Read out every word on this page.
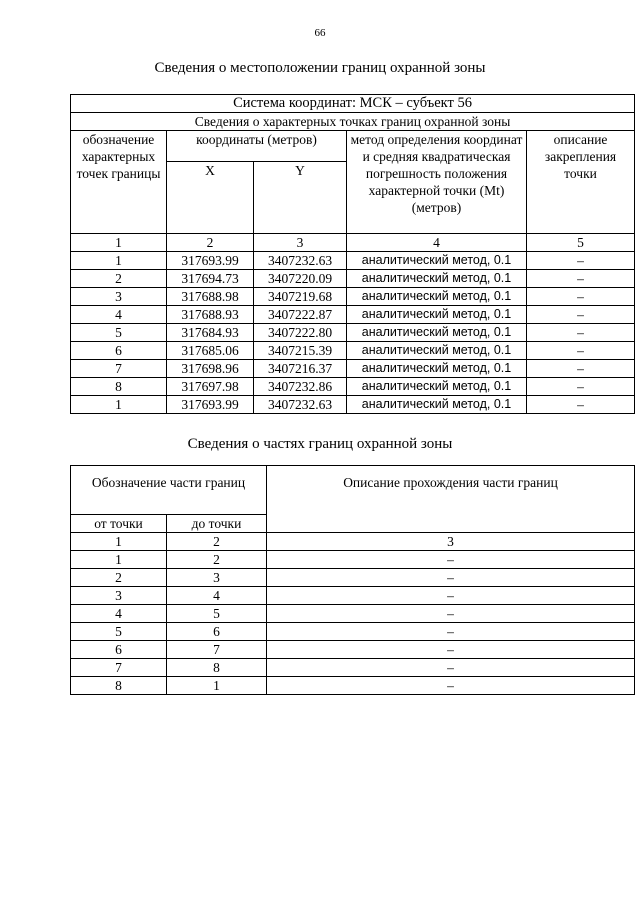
66
Сведения о местоположении границ охранной зоны
Система координат: МСК – субъект 56				
Сведения о характерных точках границ охранной зоны				
обозначение характерных точек границы	координаты (метров)		метод определения координат и средняя квадратическая погрешность положения характерной точки (Mt) (метров)	описание закрепления точки
	X	Y		
1	2	3	4	5
1	317693.99	3407232.63	аналитический метод, 0.1	–
2	317694.73	3407220.09	аналитический метод, 0.1	–
3	317688.98	3407219.68	аналитический метод, 0.1	–
4	317688.93	3407222.87	аналитический метод, 0.1	–
5	317684.93	3407222.80	аналитический метод, 0.1	–
6	317685.06	3407215.39	аналитический метод, 0.1	–
7	317698.96	3407216.37	аналитический метод, 0.1	–
8	317697.98	3407232.86	аналитический метод, 0.1	–
1	317693.99	3407232.63	аналитический метод, 0.1	–
Сведения о частях границ охранной зоны
Обозначение части границ		Описание прохождения части границ
от точки	до точки	
1	2	3
1	2	–
2	3	–
3	4	–
4	5	–
5	6	–
6	7	–
7	8	–
8	1	–
